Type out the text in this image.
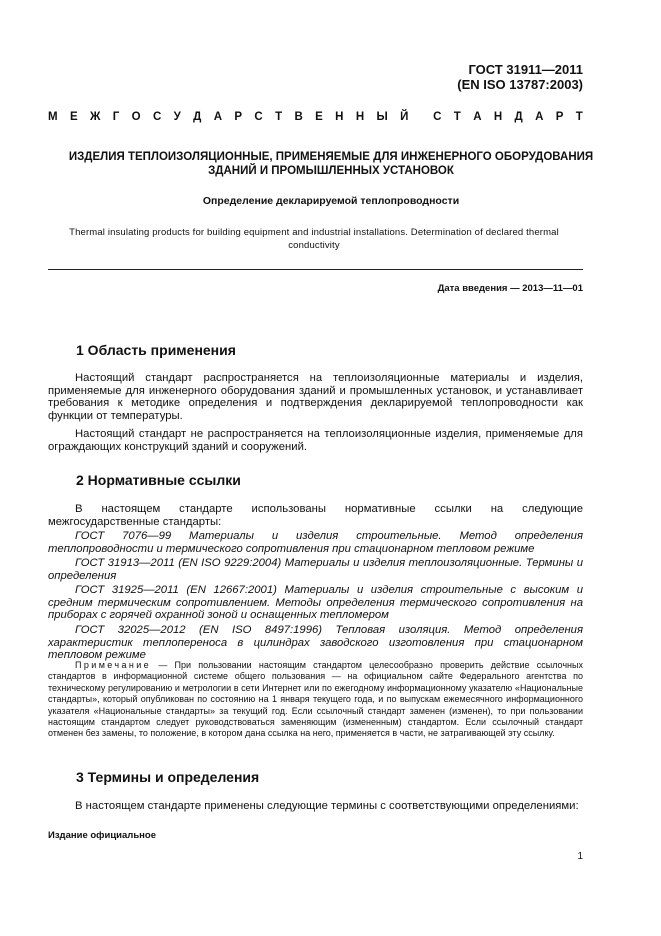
ГОСТ 31911—2011
(EN ISO 13787:2003)
М Е Ж Г О С У Д А Р С Т В Е Н Н Ы Й С Т А Н Д А Р Т
ИЗДЕЛИЯ ТЕПЛОИЗОЛЯЦИОННЫЕ, ПРИМЕНЯЕМЫЕ ДЛЯ ИНЖЕНЕРНОГО ОБОРУДОВАНИЯ
ЗДАНИЙ И ПРОМЫШЛЕННЫХ УСТАНОВОК
Определение декларируемой теплопроводности
Thermal insulating products for building equipment and industrial installations. Determination of declared thermal conductivity
Дата введения — 2013—11—01
1 Область применения
Настоящий стандарт распространяется на теплоизоляционные материалы и изделия, применяемые для инженерного оборудования зданий и промышленных установок, и устанавливает требования к методике определения и подтверждения декларируемой теплопроводности как функции от температуры.
Настоящий стандарт не распространяется на теплоизоляционные изделия, применяемые для ограждающих конструкций зданий и сооружений.
2 Нормативные ссылки
В настоящем стандарте использованы нормативные ссылки на следующие межгосударственные стандарты:
ГОСТ 7076—99 Материалы и изделия строительные. Метод определения теплопроводности и термического сопротивления при стационарном тепловом режиме
ГОСТ 31913—2011 (EN ISO 9229:2004) Материалы и изделия теплоизоляционные. Термины и определения
ГОСТ 31925—2011 (EN 12667:2001) Материалы и изделия строительные с высоким и средним термическим сопротивлением. Методы определения термического сопротивления на приборах с горячей охранной зоной и оснащенных тепломером
ГОСТ 32025—2012 (EN ISO 8497:1996) Тепловая изоляция. Метод определения характеристик теплопереноса в цилиндрах заводского изготовления при стационарном тепловом режиме
Примечание — При пользовании настоящим стандартом целесообразно проверить действие ссылочных стандартов в информационной системе общего пользования — на официальном сайте Федерального агентства по техническому регулированию и метрологии в сети Интернет или по ежегодному информационному указателю «Национальные стандарты», который опубликован по состоянию на 1 января текущего года, и по выпускам ежемесячного информационного указателя «Национальные стандарты» за текущий год. Если ссылочный стандарт заменен (изменен), то при пользовании настоящим стандартом следует руководствоваться заменяющим (измененным) стандартом. Если ссылочный стандарт отменен без замены, то положение, в котором дана ссылка на него, применяется в части, не затрагивающей эту ссылку.
3 Термины и определения
В настоящем стандарте применены следующие термины с соответствующими определениями:
Издание официальное
1
